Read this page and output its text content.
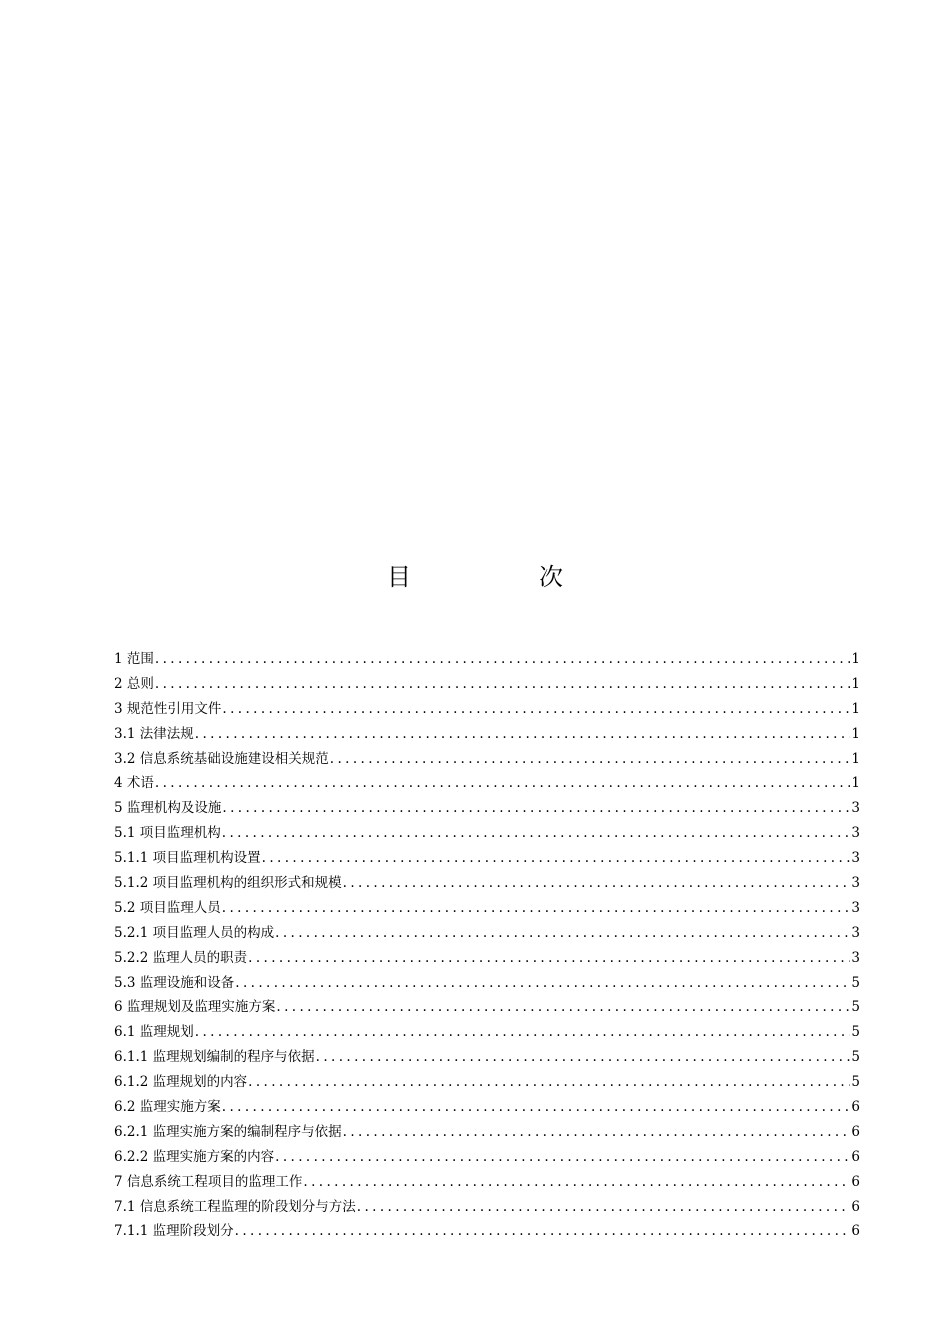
目　次
1 范围 .....	1
2 总则 .....	1
3 规范性引用文件 .....	1
3.1 法律法规 .....	1
3.2 信息系统基础设施建设相关规范 .....	1
4 术语 .....	1
5 监理机构及设施 .....	3
5.1 项目监理机构 .....	3
5.1.1 项目监理机构设置 .....	3
5.1.2 项目监理机构的组织形式和规模 .....	3
5.2 项目监理人员 .....	3
5.2.1 项目监理人员的构成 .....	3
5.2.2 监理人员的职责 .....	3
5.3 监理设施和设备 .....	5
6 监理规划及监理实施方案 .....	5
6.1 监理规划 .....	5
6.1.1 监理规划编制的程序与依据 .....	5
6.1.2 监理规划的内容 .....	5
6.2 监理实施方案 .....	6
6.2.1 监理实施方案的编制程序与依据 .....	6
6.2.2 监理实施方案的内容 .....	6
7 信息系统工程项目的监理工作 .....	6
7.1 信息系统工程监理的阶段划分与方法 .....	6
7.1.1 监理阶段划分 .....	6
